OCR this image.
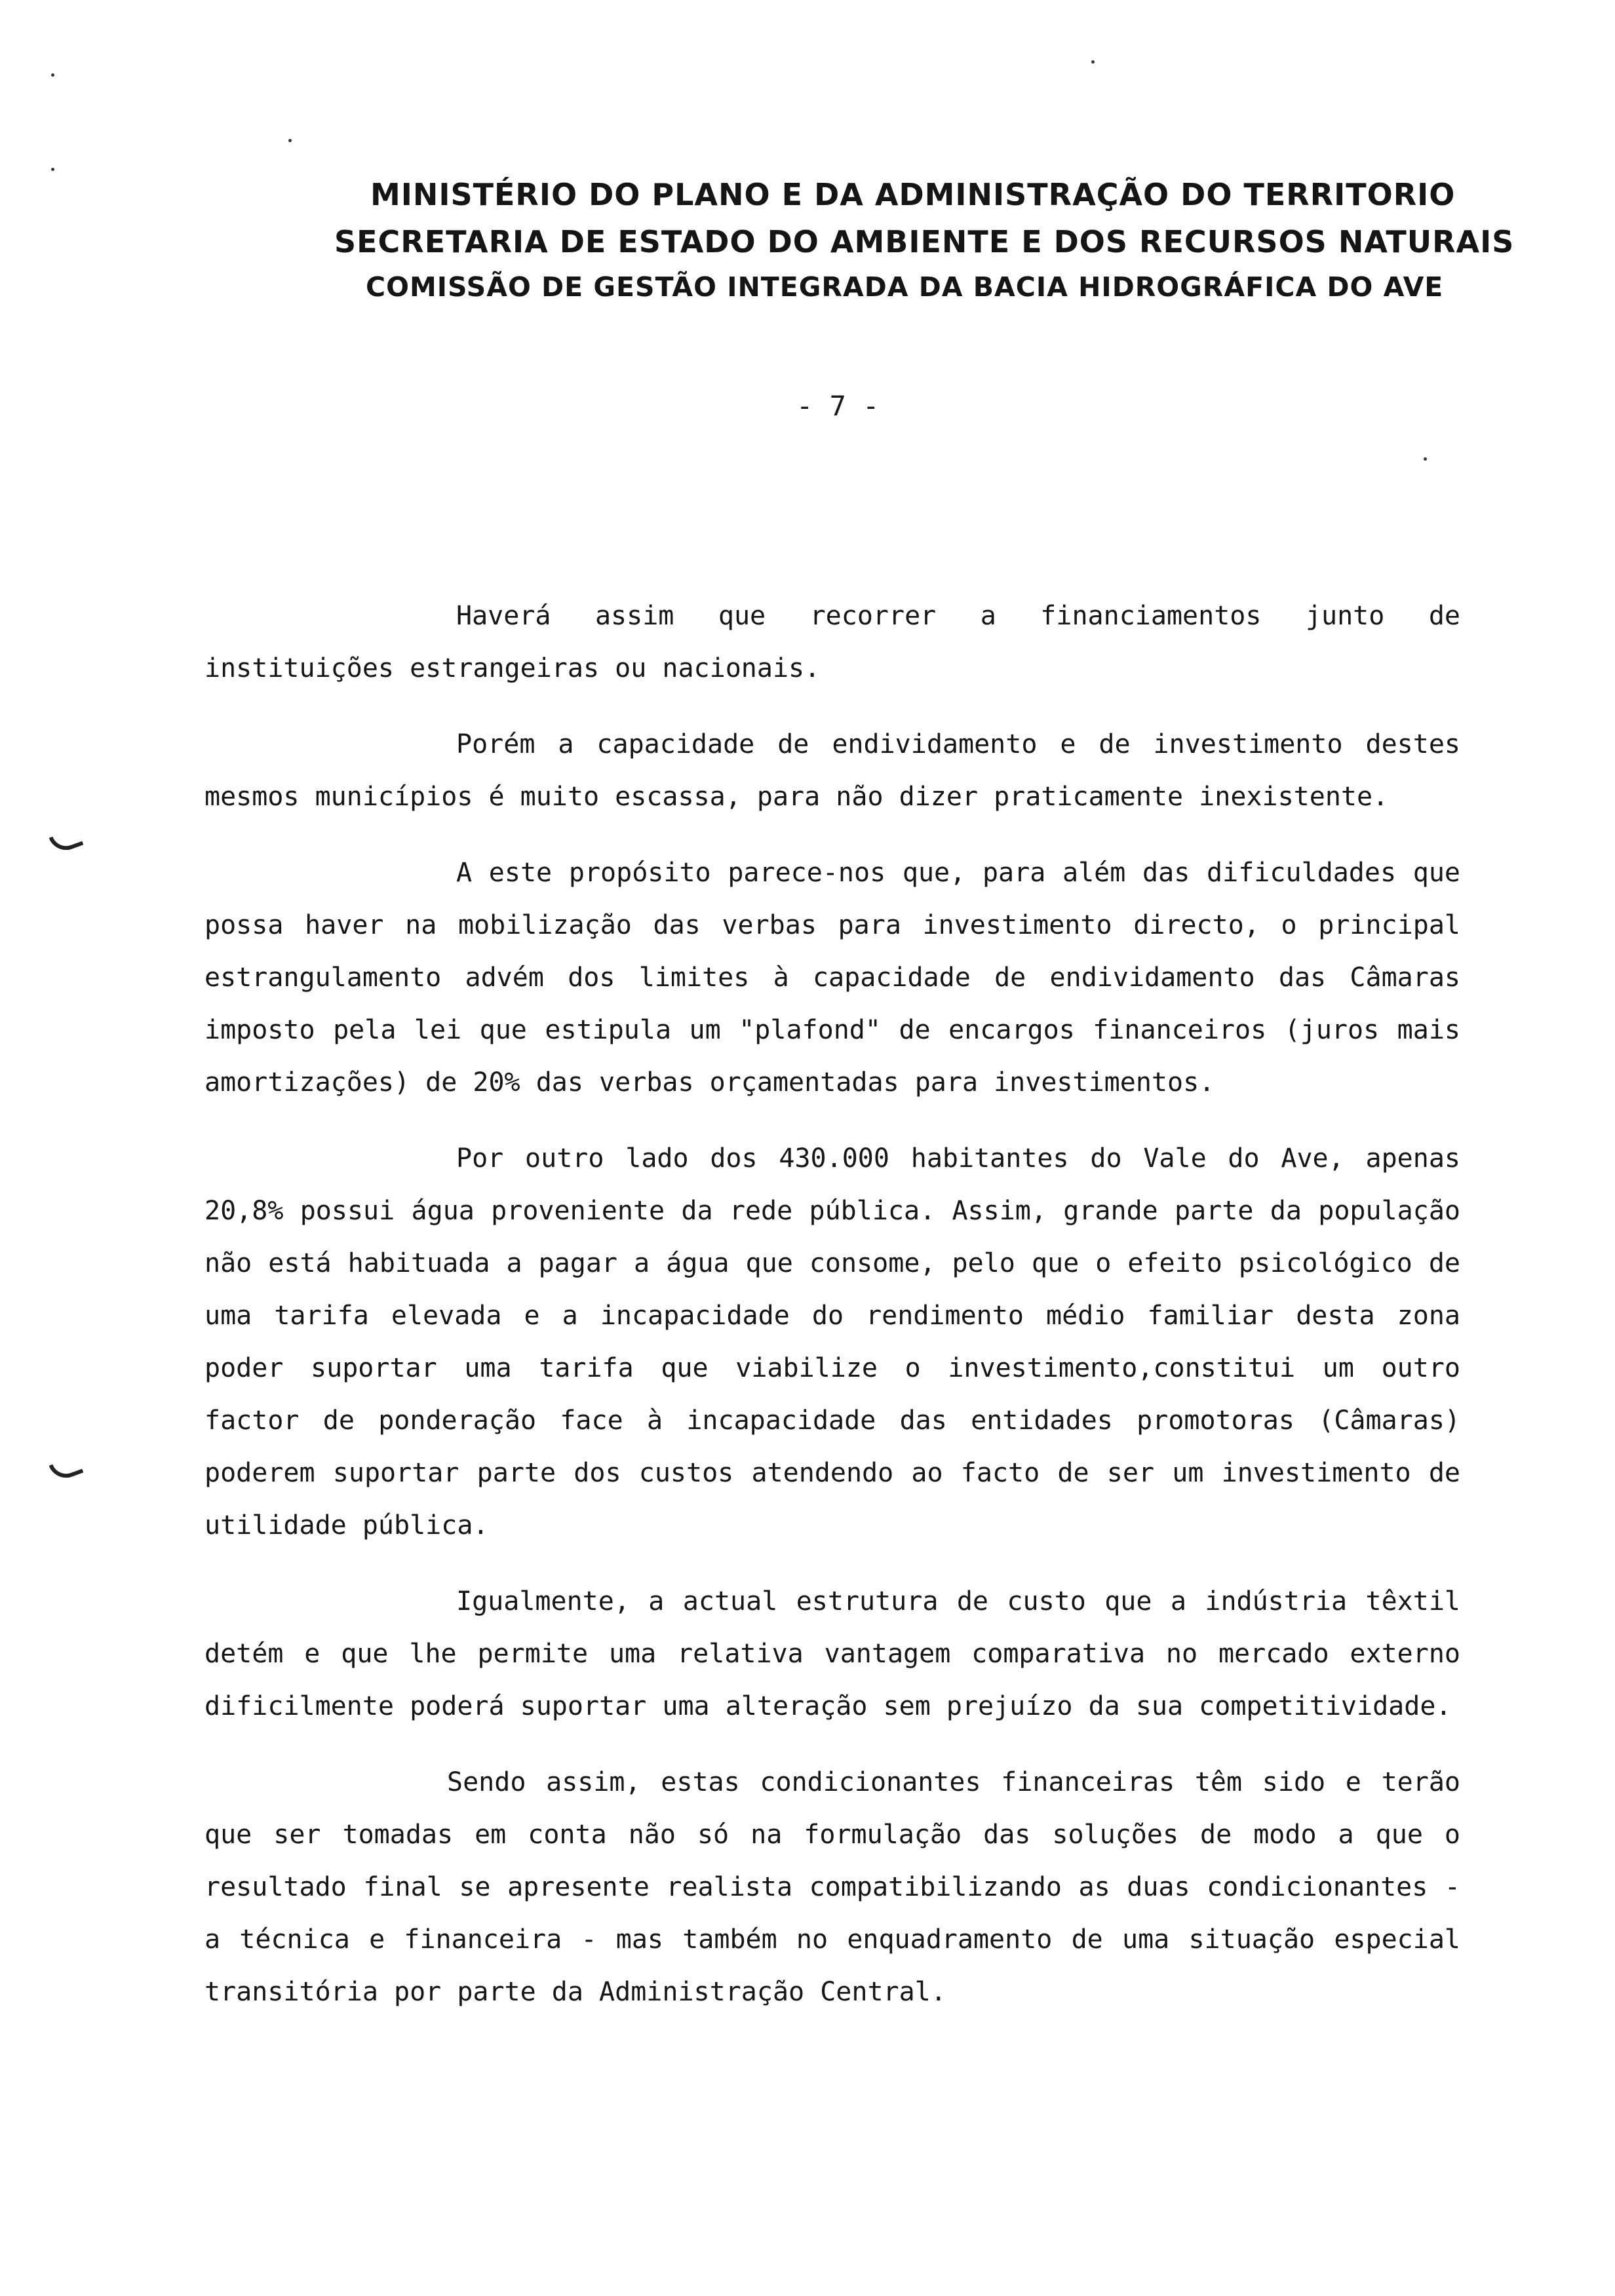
MINISTÉRIO DO PLANO E DA ADMINISTRAÇÃO DO TERRITORIO
SECRETARIA DE ESTADO DO AMBIENTE E DOS RECURSOS NATURAIS
COMISSÃO DE GESTÃO INTEGRADA DA BACIA HIDROGRÁFICA DO AVE
- 7 -

Haverá assim que recorrer a financiamentos junto de instituições estrangeiras ou nacionais.

Porém a capacidade de endividamento e de investimento destes mesmos municípios é muito escassa, para não dizer praticamente inexistente.

A este propósito parece-nos que, para além das dificuldades que possa haver na mobilização das verbas para investimento directo, o principal estrangulamento advém dos limites à capacidade de endividamento das Câmaras imposto pela lei que estipula um "plafond" de encargos financeiros (juros mais amortizações) de 20% das verbas orçamentadas para investimentos.

Por outro lado dos 430.000 habitantes do Vale do Ave, apenas 20,8% possui água proveniente da rede pública. Assim, grande parte da população não está habituada a pagar a água que consome, pelo que o efeito psicológico de uma tarifa elevada e a incapacidade do rendimento médio familiar desta zona poder suportar uma tarifa que viabilize o investimento,constitui um outro factor de ponderação face à incapacidade das entidades promotoras (Câmaras) poderem suportar parte dos custos atendendo ao facto de ser um investimento de utilidade pública.

Igualmente, a actual estrutura de custo que a indústria têxtil detém e que lhe permite uma relativa vantagem comparativa no mercado externo dificilmente poderá suportar uma alteração sem prejuízo da sua competitividade.

Sendo assim, estas condicionantes financeiras têm sido e terão que ser tomadas em conta não só na formulação das soluções de modo a que o resultado final se apresente realista compatibilizando as duas condicionantes - a técnica e financeira - mas também no enquadramento de uma situação especial transitória por parte da Administração Central.
